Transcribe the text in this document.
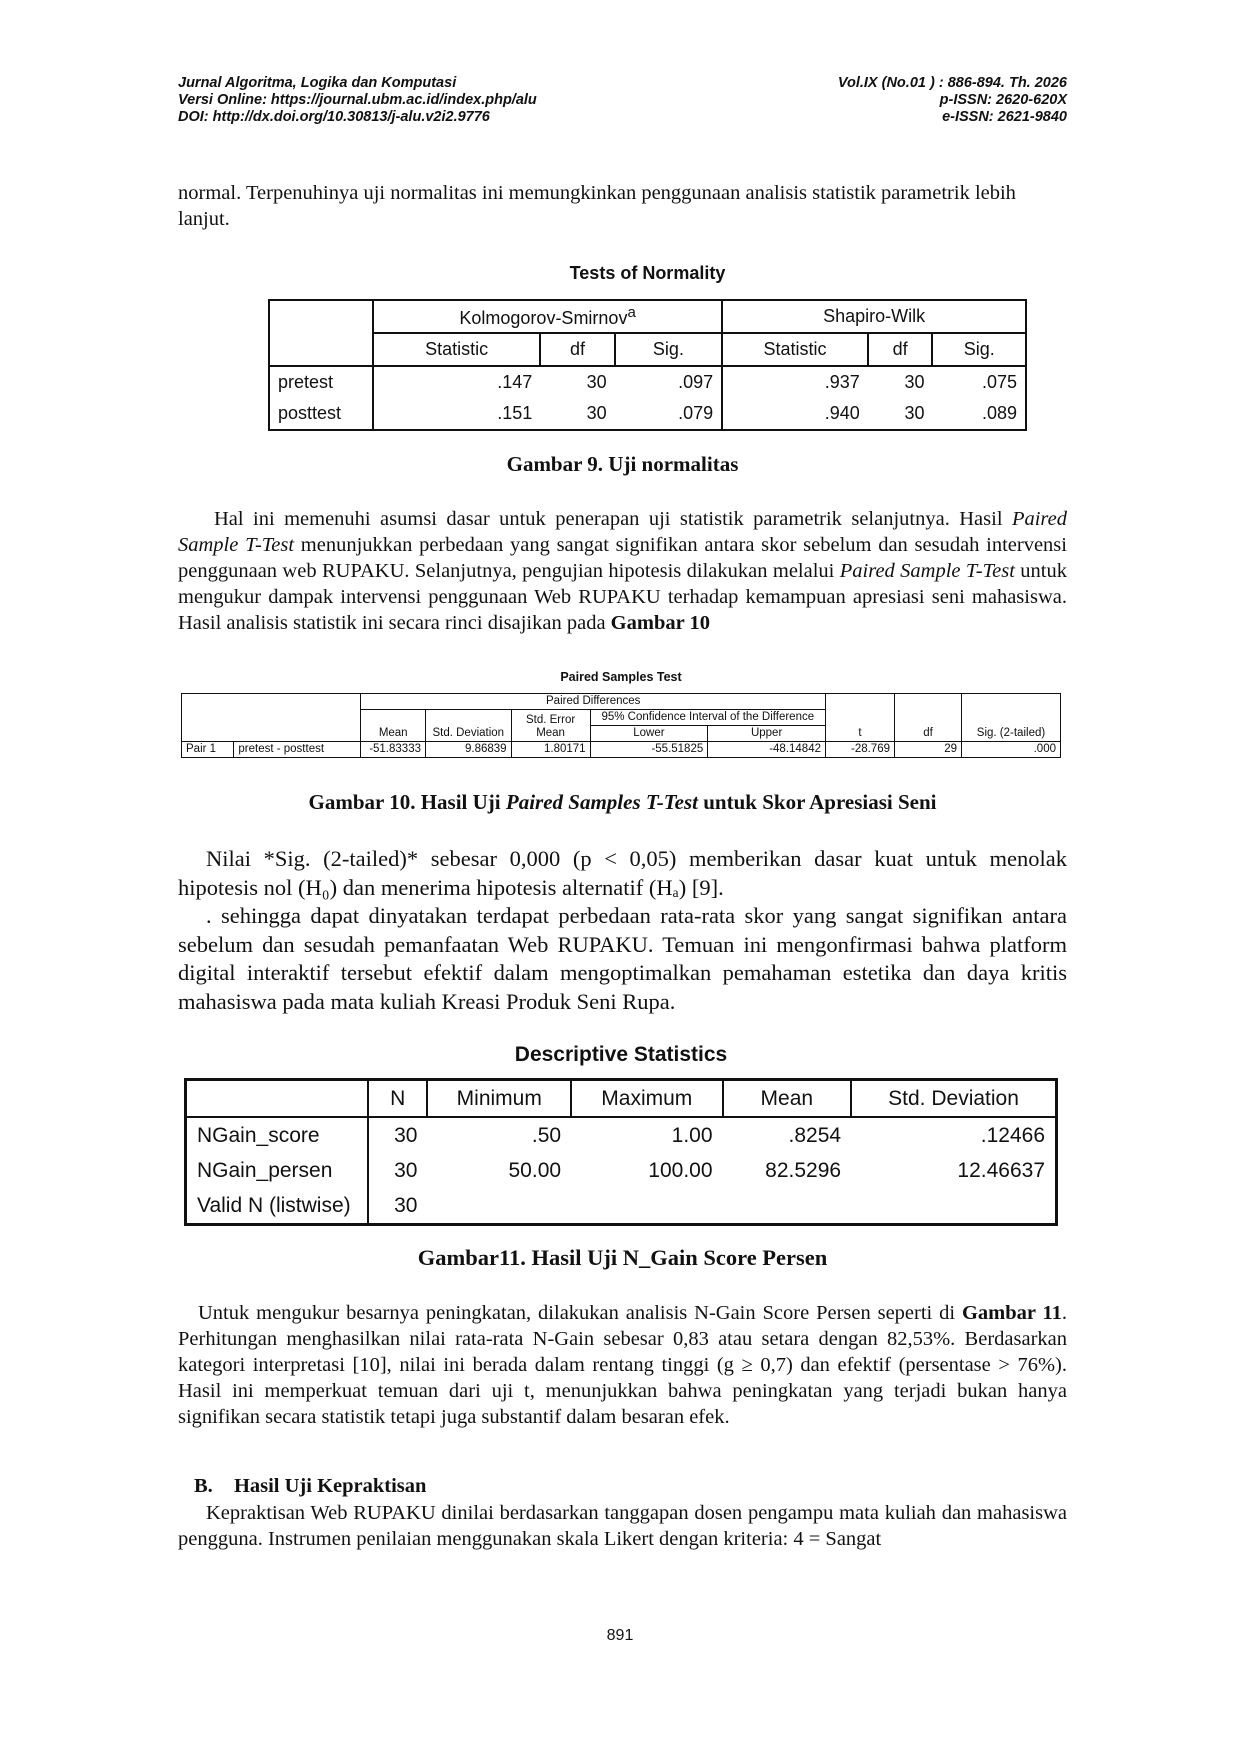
Jurnal Algoritma, Logika dan Komputasi
Versi Online: https://journal.ubm.ac.id/index.php/alu
DOI: http://dx.doi.org/10.30813/j-alu.v2i2.9776
Vol.IX (No.01 ) : 886-894. Th. 2026
p-ISSN: 2620-620X
e-ISSN: 2621-9840

normal. Terpenuhinya uji normalitas ini memungkinkan penggunaan analisis statistik parametrik lebih lanjut.

Tests of Normality
	Kolmogorov-Smirnov$^a$			Shapiro-Wilk		
	Statistic	df	Sig.	Statistic	df	Sig.
pretest	.147	30	.097	.937	30	.075
posttest	.151	30	.079	.940	30	.089
Gambar 9. Uji normalitas

Hal ini memenuhi asumsi dasar untuk penerapan uji statistik parametrik selanjutnya. Hasil Paired Sample T-Test menunjukkan perbedaan yang sangat signifikan antara skor sebelum dan sesudah intervensi penggunaan web RUPAKU. Selanjutnya, pengujian hipotesis dilakukan melalui Paired Sample T-Test untuk mengukur dampak intervensi penggunaan Web RUPAKU terhadap kemampuan apresiasi seni mahasiswa. Hasil analisis statistik ini secara rinci disajikan pada Gambar 10

Paired Samples Test
		Paired Differences					t	df	Sig. (2-tailed)
		Mean	Std. Deviation	Std. Error Mean	95% Confidence Interval of the Difference				
					Lower	Upper			
Pair 1	pretest - posttest	-51.83333	9.86839	1.80171	-55.51825	-48.14842	-28.769	29	.000
Gambar 10. Hasil Uji Paired Samples T-Test untuk Skor Apresiasi Seni

Nilai *Sig. (2-tailed)* sebesar 0,000 (p < 0,05) memberikan dasar kuat untuk menolak hipotesis nol (H₀) dan menerima hipotesis alternatif (Hₐ) [9].

. sehingga dapat dinyatakan terdapat perbedaan rata-rata skor yang sangat signifikan antara sebelum dan sesudah pemanfaatan Web RUPAKU. Temuan ini mengonfirmasi bahwa platform digital interaktif tersebut efektif dalam mengoptimalkan pemahaman estetika dan daya kritis mahasiswa pada mata kuliah Kreasi Produk Seni Rupa.

Descriptive Statistics
	N	Minimum	Maximum	Mean	Std. Deviation
NGain_score	30	.50	1.00	.8254	.12466
NGain_persen	30	50.00	100.00	82.5296	12.46637
Valid N (listwise)	30				
Gambar11. Hasil Uji N_Gain Score Persen

Untuk mengukur besarnya peningkatan, dilakukan analisis N-Gain Score Persen seperti di Gambar 11. Perhitungan menghasilkan nilai rata-rata N-Gain sebesar 0,83 atau setara dengan 82,53%. Berdasarkan kategori interpretasi [10], nilai ini berada dalam rentang tinggi (g ≥ 0,7) dan efektif (persentase > 76%). Hasil ini memperkuat temuan dari uji t, menunjukkan bahwa peningkatan yang terjadi bukan hanya signifikan secara statistik tetapi juga substantif dalam besaran efek.

B. Hasil Uji Kepraktisan

Kepraktisan Web RUPAKU dinilai berdasarkan tanggapan dosen pengampu mata kuliah dan mahasiswa pengguna. Instrumen penilaian menggunakan skala Likert dengan kriteria: 4 = Sangat

891
